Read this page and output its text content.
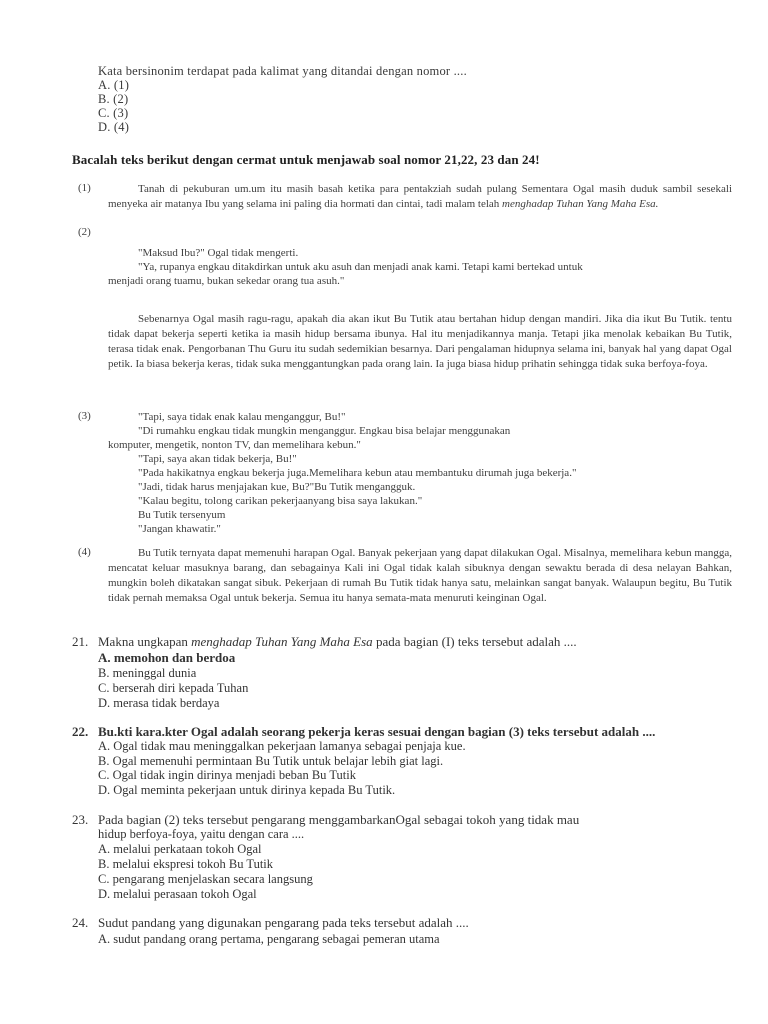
Kata bersinonim terdapat pada kalimat yang ditandai dengan nomor ....
A. (1)
B. (2)
C. (3)
D. (4)
Bacalah teks berikut dengan cermat untuk menjawab soal nomor 21,22, 23 dan 24!
(1)	Tanah di pekuburan um.um itu masih basah ketika para pentakziah sudah pulang Sementara Ogal masih duduk sambil sesekali menyeka air matanya Ibu yang selama ini paling dia hormati dan cintai, tadi malam telah menghadap Tuhan Yang Maha Esa.
(2)
"Maksud Ibu?" Ogal tidak mengerti.
"Ya, rupanya engkau ditakdirkan untuk aku asuh dan menjadi anak kami. Tetapi kami bertekad untuk
menjadi orang tuamu, bukan sekedar orang tua asuh."
Sebenarnya Ogal masih ragu-ragu, apakah dia akan ikut Bu Tutik atau bertahan hidup dengan mandiri. Jika dia ikut Bu Tutik. tentu tidak dapat bekerja seperti ketika ia masih hidup bersama ibunya. Hal itu menjadikannya manja. Tetapi jika menolak kebaikan Bu Tutik, terasa tidak enak. Pengorbanan Thu Guru itu sudah sedemikian besarnya. Dari pengalaman hidupnya selama ini, banyak hal yang dapat Ogal petik. Ia biasa bekerja keras, tidak suka menggantungkan pada orang lain. Ia juga biasa hidup prihatin sehingga tidak suka berfoya-foya.
(3)	"Tapi, saya tidak enak kalau menganggur, Bu!"
"Di rumahku engkau tidak mungkin menganggur. Engkau bisa belajar menggunakan
komputer, mengetik, nonton TV, dan memelihara kebun."
"Tapi, saya akan tidak bekerja, Bu!"
"Pada hakikatnya engkau bekerja juga.Memelihara kebun atau membantuku dirumah juga bekerja."
"Jadi, tidak harus menjajakan kue, Bu?"Bu Tutik mengangguk.
"Kalau begitu, tolong carikan pekerjaanyang bisa saya lakukan."
Bu Tutik tersenyum
"Jangan khawatir."
(4)	Bu Tutik ternyata dapat memenuhi harapan Ogal. Banyak pekerjaan yang dapat dilakukan Ogal. Misalnya, memelihara kebun mangga, mencatat keluar masuknya barang, dan sebagainya Kali ini Ogal tidak kalah sibuknya dengan sewaktu berada di desa nelayan Bahkan, mungkin boleh dikatakan sangat sibuk. Pekerjaan di rumah Bu Tutik tidak hanya satu, melainkan sangat banyak. Walaupun begitu, Bu Tutik tidak pernah memaksa Ogal untuk bekerja. Semua itu hanya semata-mata menuruti keinginan Ogal.
21. Makna ungkapan menghadap Tuhan Yang Maha Esa pada bagian (I) teks tersebut adalah ....
A. memohon dan berdoa
B. meninggal dunia
C. berserah diri kepada Tuhan
D. merasa tidak berdaya
22. Bu.kti kara.kter Ogal adalah seorang pekerja keras sesuai dengan bagian (3) teks tersebut adalah ....
A. Ogal tidak mau meninggalkan pekerjaan lamanya sebagai penjaja kue.
B. Ogal memenuhi permintaan Bu Tutik untuk belajar lebih giat lagi.
C. Ogal tidak ingin dirinya menjadi beban Bu Tutik
D. Ogal meminta pekerjaan untuk dirinya kepada Bu Tutik.
23. Pada bagian (2) teks tersebut pengarang menggambarkanOgal sebagai tokoh yang tidak mau
hidup berfoya-foya, yaitu dengan cara ....
A. melalui perkataan tokoh Ogal
B. melalui ekspresi tokoh Bu Tutik
C. pengarang menjelaskan secara langsung
D. melalui perasaan tokoh Ogal
24. Sudut pandang yang digunakan pengarang pada teks tersebut adalah ....
A. sudut pandang orang pertama, pengarang sebagai pemeran utama
